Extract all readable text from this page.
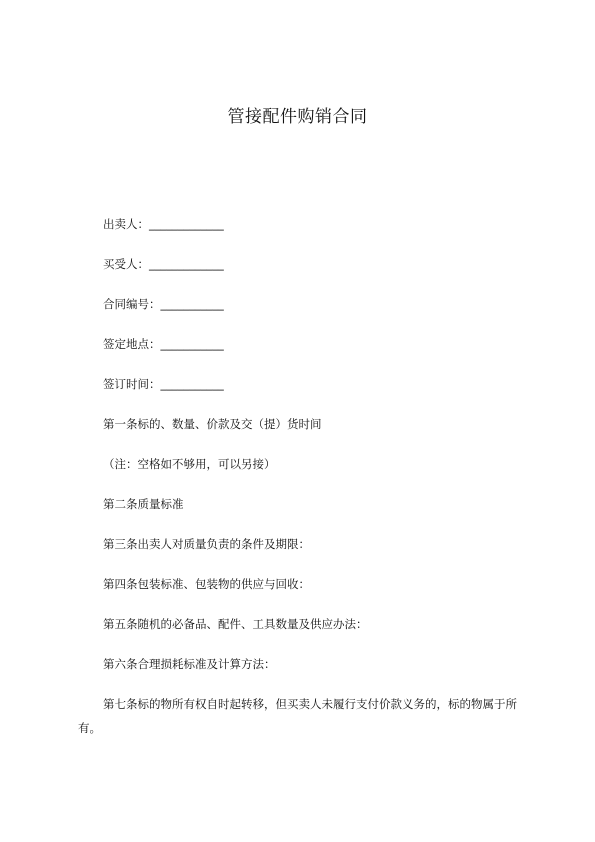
管接配件购销合同
出卖人：_____________
买受人：_____________
合同编号：___________
签定地点：___________
签订时间：___________
第一条标的、数量、价款及交（提）货时间
（注：空格如不够用，可以另接）
第二条质量标准
第三条出卖人对质量负责的条件及期限：
第四条包装标准、包装物的供应与回收：
第五条随机的必备品、配件、工具数量及供应办法：
第六条合理损耗标准及计算方法：
第七条标的物所有权自时起转移，但买卖人未履行支付价款义务的，标的物属于所有。
